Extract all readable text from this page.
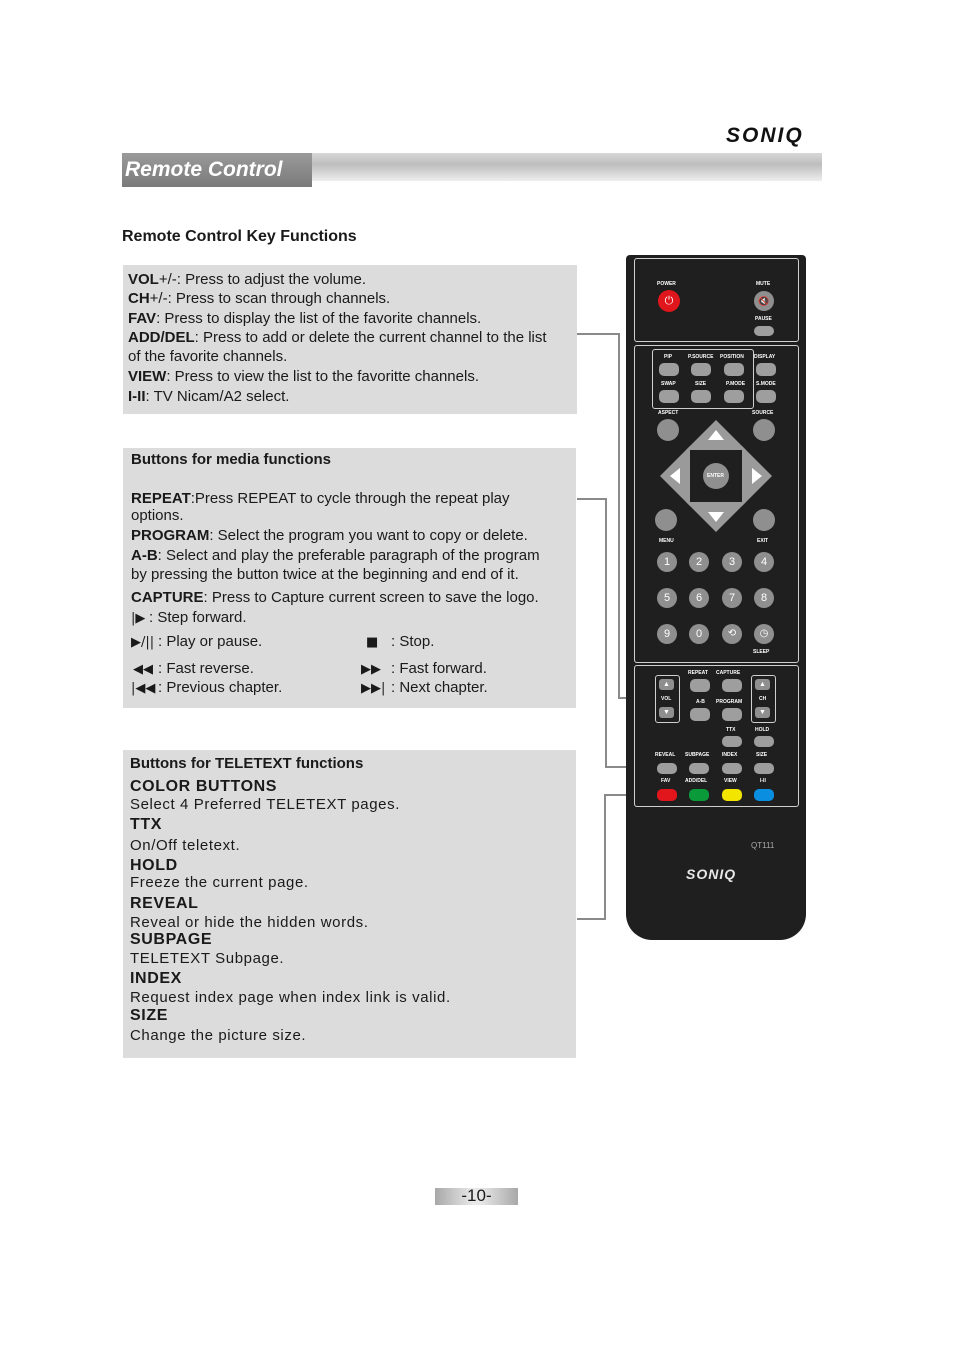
SONIQ
Remote Control
Remote Control Key Functions
VOL+/-: Press to adjust the volume.
CH+/-: Press to scan through channels.
FAV: Press to display the list of the favorite channels.
ADD/DEL: Press to add or delete the current channel to the list
of the favorite channels.
VIEW: Press to view the list to the favoritte channels.
I-II: TV Nicam/A2 select.
Buttons for media functions
REPEAT:Press REPEAT to cycle through the repeat play
options.
PROGRAM: Select the program you want to copy or delete.
A-B: Select and play the preferable paragraph of the program
by pressing the button twice at the beginning and end of it.
CAPTURE: Press to Capture current screen to save the logo.
|▶ : Step forward.
▶/|| : Play or pause.	■ : Stop.
◀◀ : Fast reverse.	▶▶ : Fast forward.
|◀◀ : Previous chapter.	▶▶| : Next chapter.
Buttons for TELETEXT functions
COLOR BUTTONS
Select 4 Preferred TELETEXT pages.
TTX
On/Off teletext.
HOLD
Freeze the current page.
REVEAL
Reveal or hide the hidden words.
SUBPAGE
TELETEXT Subpage.
INDEX
Request index page when index link is valid.
SIZE
Change the picture size.
POWER
⏻
MUTE
🔇
PAUSE
PIP	P.SOURCE POSITION DISPLAY
SWAP	SIZE	P.MODE S.MODE
ASPECT	SOURCE
ENTER
MENU	EXIT
1	2	3	4
5	6	7	8
9	0	⟲	◷
SLEEP
REPEAT CAPTURE
▲
▼
▲
▼
VOL	CH
A-B PROGRAM
TTX	HOLD
REVEAL SUBPAGE	INDEX	SIZE
FAV	ADD/DEL	VIEW	I-II
QT111
SONIQ
-10-
